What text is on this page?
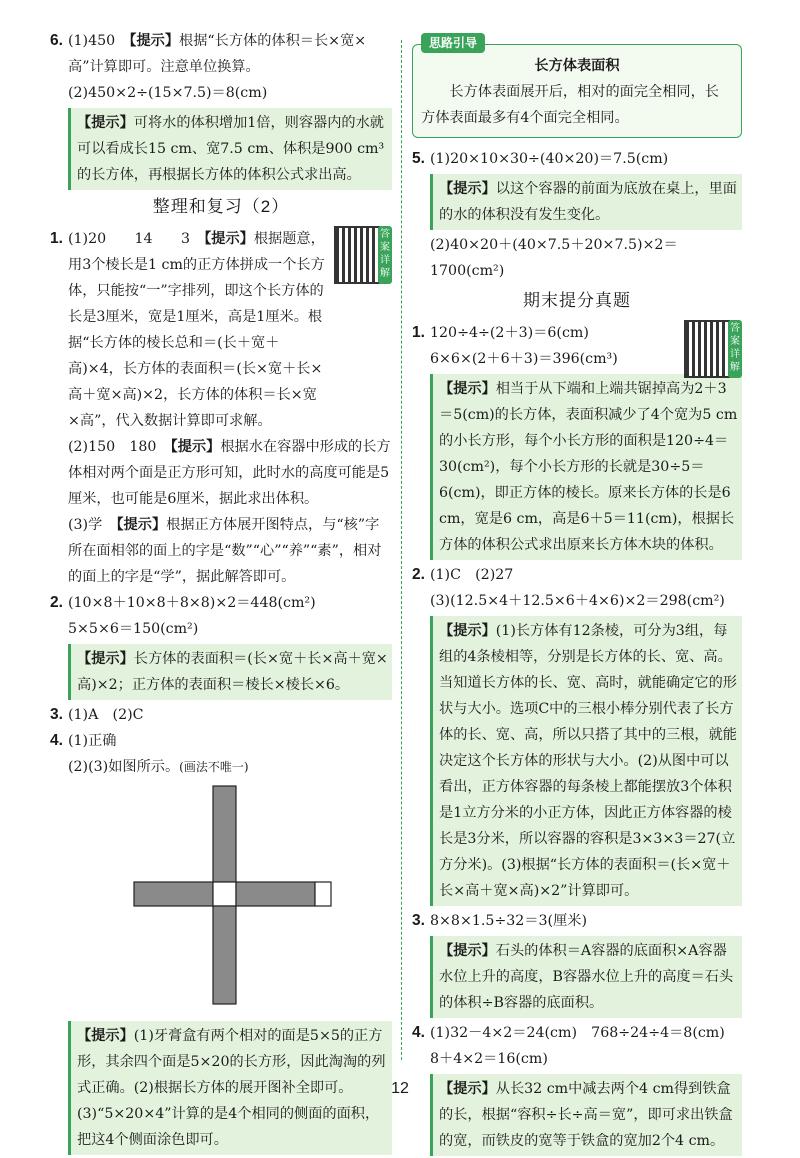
6. (1)450　 【提示】根据“长方体的体积＝长×宽×高”计算即可。注意单位换算。

(2)450×2÷(15×7.5)＝8(cm)

【提示】可将水的体积增加1倍，则容器内的水就可以看成长15 cm、宽7.5 cm、体积是900 cm³的长方体，再根据长方体的体积公式求出高。
整理和复习（2）
1.	答案详解

(1)20　　14　　3　 【提示】根据题意，用3个棱长是1 cm的正方体拼成一个长方体，只能按“一”字排列，即这个长方体的长是3厘米，宽是1厘米，高是1厘米。根据“长方体的棱长总和＝(长＋宽＋高)×4，长方体的表面积＝(长×宽＋长×高＋宽×高)×2，长方体的体积＝长×宽×高”，代入数据计算即可求解。

(2)150　180　 【提示】根据水在容器中形成的长方体相对两个面是正方形可知，此时水的高度可能是5厘米，也可能是6厘米，据此求出体积。

(3)学　 【提示】根据正方体展开图特点，与“核”字所在面相邻的面上的字是“数”“心”“养”“素”，相对的面上的字是“学”，据此解答即可。

2. (10×8＋10×8＋8×8)×2＝448(cm²)

5×5×6＝150(cm²)

【提示】长方体的表面积＝(长×宽＋长×高＋宽×高)×2；正方体的表面积＝棱长×棱长×6。
3. (1)A　(2)C

4. (1)正确

(2)(3)如图所示。(画法不唯一)

【提示】(1)牙膏盒有两个相对的面是5×5的正方形，其余四个面是5×20的长方形，因此淘淘的列式正确。(2)根据长方体的展开图补全即可。(3)“5×20×4”计算的是4个相同的侧面的面积，把这4个侧面涂色即可。
思路引导
长方体表面积
长方体表面展开后，相对的面完全相同，长方体表面最多有4个面完全相同。
5. (1)20×10×30÷(40×20)＝7.5(cm)

【提示】以这个容器的前面为底放在桌上，里面的水的体积没有发生变化。

(2)40×20＋(40×7.5＋20×7.5)×2＝1700(cm²)

期末提分真题
1.	答案详解

120÷4÷(2＋3)＝6(cm)

6×6×(2＋6＋3)＝396(cm³)

【提示】相当于从下端和上端共锯掉高为2＋3＝5(cm)的长方体，表面积减少了4个宽为5 cm的小长方形，每个小长方形的面积是120÷4＝30(cm²)，每个小长方形的长就是30÷5＝6(cm)，即正方体的棱长。原来长方体的长是6 cm，宽是6 cm，高是6＋5＝11(cm)，根据长方体的体积公式求出原来长方体木块的体积。
2. (1)C　(2)27

(3)(12.5×4＋12.5×6＋4×6)×2＝298(cm²)

【提示】(1)长方体有12条棱，可分为3组，每组的4条棱相等，分别是长方体的长、宽、高。当知道长方体的长、宽、高时，就能确定它的形状与大小。选项C中的三根小棒分别代表了长方体的长、宽、高，所以只搭了其中的三根，就能决定这个长方体的形状与大小。(2)从图中可以看出，正方体容器的每条棱上都能摆放3个体积是1立方分米的小正方体，因此正方体容器的棱长是3分米，所以容器的容积是3×3×3＝27(立方分米)。(3)根据“长方体的表面积＝(长×宽＋长×高＋宽×高)×2”计算即可。
3. 8×8×1.5÷32＝3(厘米)

【提示】石头的体积＝A容器的底面积×A容器水位上升的高度，B容器水位上升的高度＝石头的体积÷B容器的底面积。
4. (1)32－4×2＝24(cm)　768÷24÷4＝8(cm)

8＋4×2＝16(cm)

【提示】从长32 cm中减去两个4 cm得到铁盒的长，根据“容积÷长÷高＝宽”，即可求出铁盒的宽，而铁皮的宽等于铁盒的宽加2个4 cm。
12
